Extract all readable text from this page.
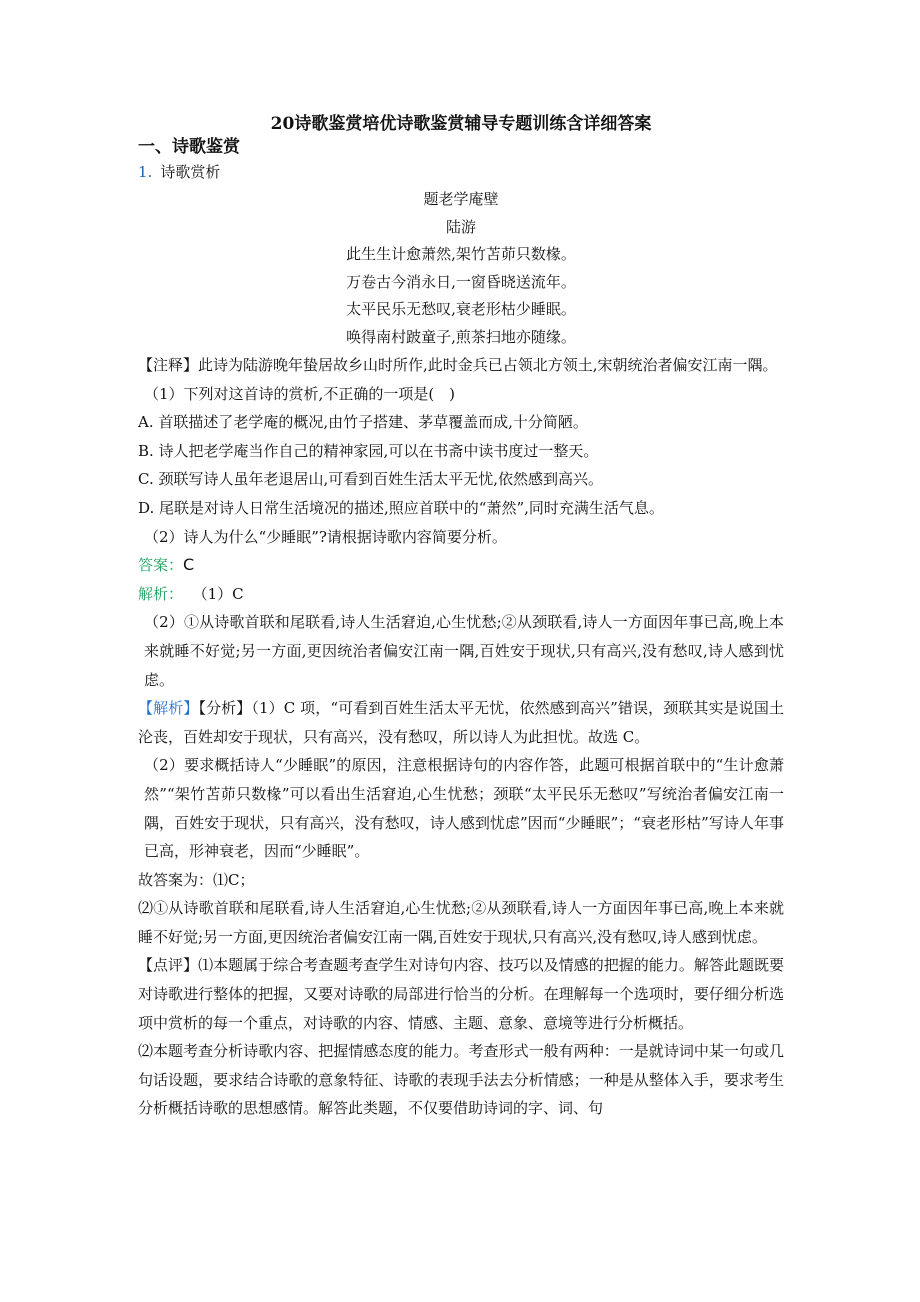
20诗歌鉴赏培优诗歌鉴赏辅导专题训练含详细答案
一、诗歌鉴赏
1. 诗歌赏析
题老学庵壁
陆游
此生生计愈萧然,架竹苫茆只数椽。
万卷古今消永日,一窗昏晓送流年。
太平民乐无愁叹,衰老形枯少睡眠。
唤得南村跛童子,煎茶扫地亦随缘。

【注释】此诗为陆游晚年蛰居故乡山时所作,此时金兵已占领北方领土,宋朝统治者偏安江南一隅。

（1）下列对这首诗的赏析,不正确的一项是(　)

A. 首联描述了老学庵的概况,由竹子搭建、茅草覆盖而成,十分简陋。

B. 诗人把老学庵当作自己的精神家园,可以在书斋中读书度过一整天。

C. 颈联写诗人虽年老退居山,可看到百姓生活太平无忧,依然感到高兴。

D. 尾联是对诗人日常生活境况的描述,照应首联中的“萧然”,同时充满生活气息。

（2）诗人为什么“少睡眠”?请根据诗歌内容简要分析。

答案：C

解析： （1）C

（2）①从诗歌首联和尾联看,诗人生活窘迫,心生忧愁;②从颈联看,诗人一方面因年事已高,晚上本来就睡不好觉;另一方面,更因统治者偏安江南一隅,百姓安于现状,只有高兴,没有愁叹,诗人感到忧虑。

【解析】【分析】（1）C 项，“可看到百姓生活太平无忧，依然感到高兴”错误，颈联其实是说国土沦丧，百姓却安于现状，只有高兴，没有愁叹，所以诗人为此担忧。故选 C。

（2）要求概括诗人“少睡眠”的原因，注意根据诗句的内容作答，此题可根据首联中的“生计愈萧然”“架竹苫茆只数椽”可以看出生活窘迫,心生忧愁；颈联“太平民乐无愁叹”写统治者偏安江南一隅，百姓安于现状，只有高兴，没有愁叹，诗人感到忧虑”因而“少睡眠”；“衰老形枯”写诗人年事已高，形神衰老，因而“少睡眠”。

故答案为：⑴C；

⑵①从诗歌首联和尾联看,诗人生活窘迫,心生忧愁;②从颈联看,诗人一方面因年事已高,晚上本来就睡不好觉;另一方面,更因统治者偏安江南一隅,百姓安于现状,只有高兴,没有愁叹,诗人感到忧虑。

【点评】⑴本题属于综合考查题考查学生对诗句内容、技巧以及情感的把握的能力。解答此题既要对诗歌进行整体的把握，又要对诗歌的局部进行恰当的分析。在理解每一个选项时，要仔细分析选项中赏析的每一个重点，对诗歌的内容、情感、主题、意象、意境等进行分析概括。

⑵本题考查分析诗歌内容、把握情感态度的能力。考查形式一般有两种：一是就诗词中某一句或几句话设题，要求结合诗歌的意象特征、诗歌的表现手法去分析情感；一种是从整体入手，要求考生分析概括诗歌的思想感情。解答此类题，不仅要借助诗词的字、词、句
